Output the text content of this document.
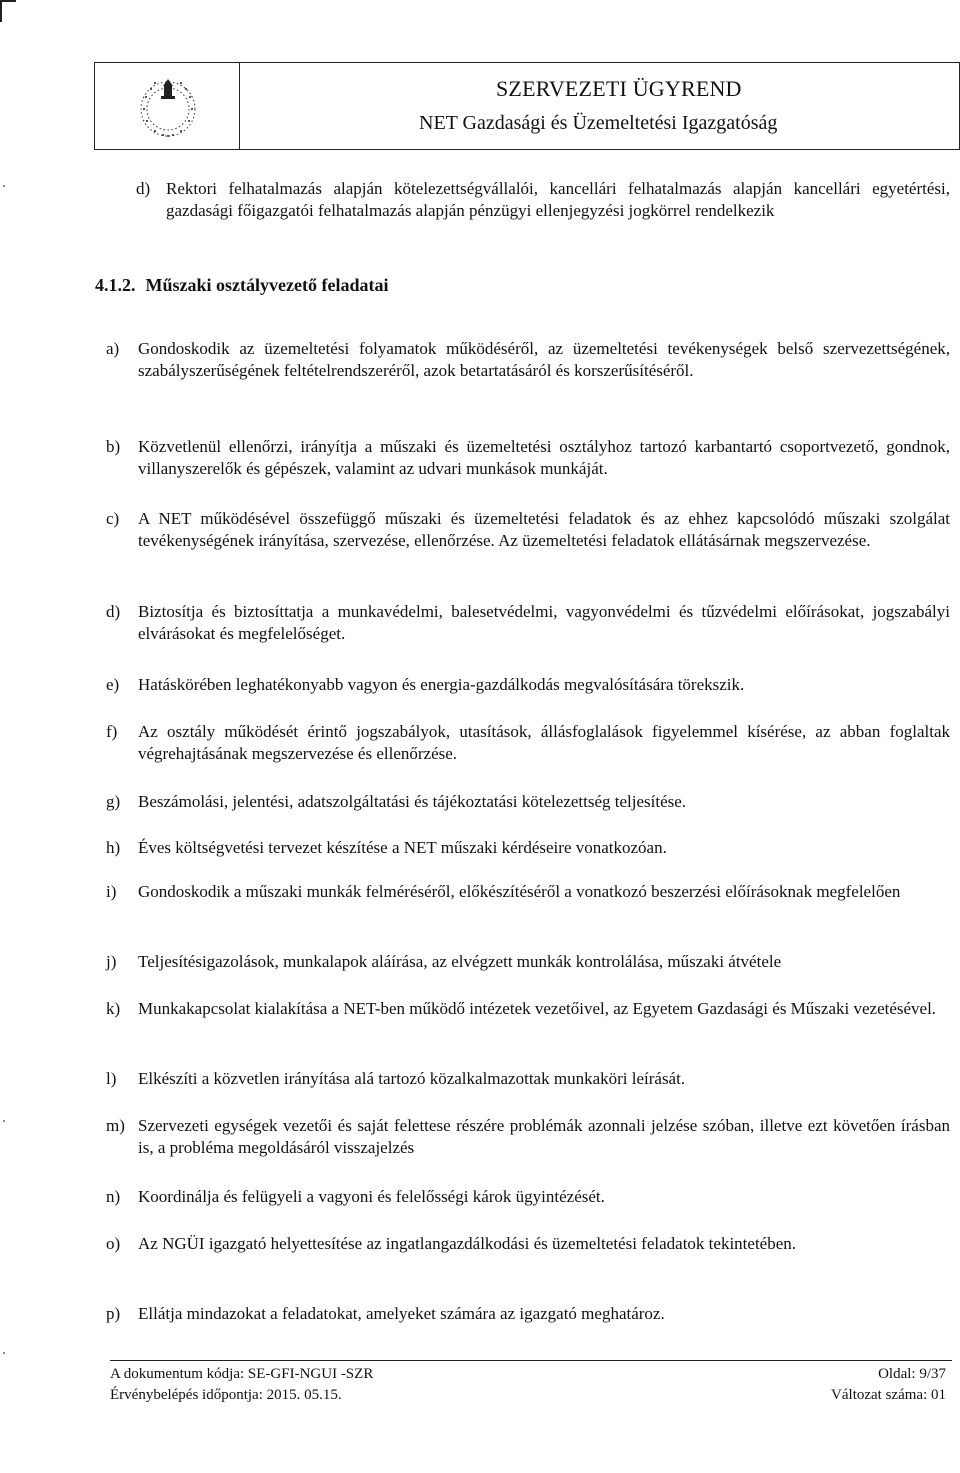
SZERVEZETI ÜGYREND
NET Gazdasági és Üzemeltetési Igazgatóság
d) Rektori felhatalmazás alapján kötelezettségvállalói, kancellári felhatalmazás alapján kancellári egyetértési, gazdasági főigazgatói felhatalmazás alapján pénzügyi ellenjegyzési jogkörrel rendelkezik
4.1.2. Műszaki osztályvezető feladatai
a)	Gondoskodik az üzemeltetési folyamatok működéséről, az üzemeltetési tevékenységek belső szervezettségének, szabályszerűségének feltételrendszeréről, azok betartatásáról és korszerűsítéséről.
b)	Közvetlenül ellenőrzi, irányítja a műszaki és üzemeltetési osztályhoz tartozó karbantartó csoportvezető, gondnok, villanyszerelők és gépészek, valamint az udvari munkások munkáját.
c)	A NET működésével összefüggő műszaki és üzemeltetési feladatok és az ehhez kapcsolódó műszaki szolgálat tevékenységének irányítása, szervezése, ellenőrzése. Az üzemeltetési feladatok ellátásárnak megszervezése.
d)	Biztosítja és biztosíttatja a munkavédelmi, balesetvédelmi, vagyonvédelmi és tűzvédelmi előírásokat, jogszabályi elvárásokat és megfelelőséget.
e)	Hatáskörében leghatékonyabb vagyon és energia-gazdálkodás megvalósítására törekszik.
f)	Az osztály működését érintő jogszabályok, utasítások, állásfoglalások figyelemmel kísérése, az abban foglaltak végrehajtásának megszervezése és ellenőrzése.
g)	Beszámolási, jelentési, adatszolgáltatási és tájékoztatási kötelezettség teljesítése.
h)	Éves költségvetési tervezet készítése a NET műszaki kérdéseire vonatkozóan.
i)	Gondoskodik a műszaki munkák felméréséről, előkészítéséről a vonatkozó beszerzési előírásoknak megfelelően
j)	Teljesítésigazolások, munkalapok aláírása, az elvégzett munkák kontrolálása, műszaki átvétele
k)	Munkakapcsolat kialakítása a NET-ben működő intézetek vezetőivel, az Egyetem Gazdasági és Műszaki vezetésével.
l)	Elkészíti a közvetlen irányítása alá tartozó közalkalmazottak munkaköri leírását.
m) Szervezeti egységek vezetői és saját felettese részére problémák azonnali jelzése szóban, illetve ezt követően írásban is, a probléma megoldásáról visszajelzés
n)	Koordinálja és felügyeli a vagyoni és felelősségi károk ügyintézését.
o)	Az NGÜI igazgató helyettesítése az ingatlangazdálkodási és üzemeltetési feladatok tekintetében.
p)	Ellátja mindazokat a feladatokat, amelyeket számára az igazgató meghatároz.
A dokumentum kódja: SE-GFI-NGUI -SZR
Érvénybelépés időpontja: 2015. 05.15.
Oldal: 9/37
Változat száma: 01
